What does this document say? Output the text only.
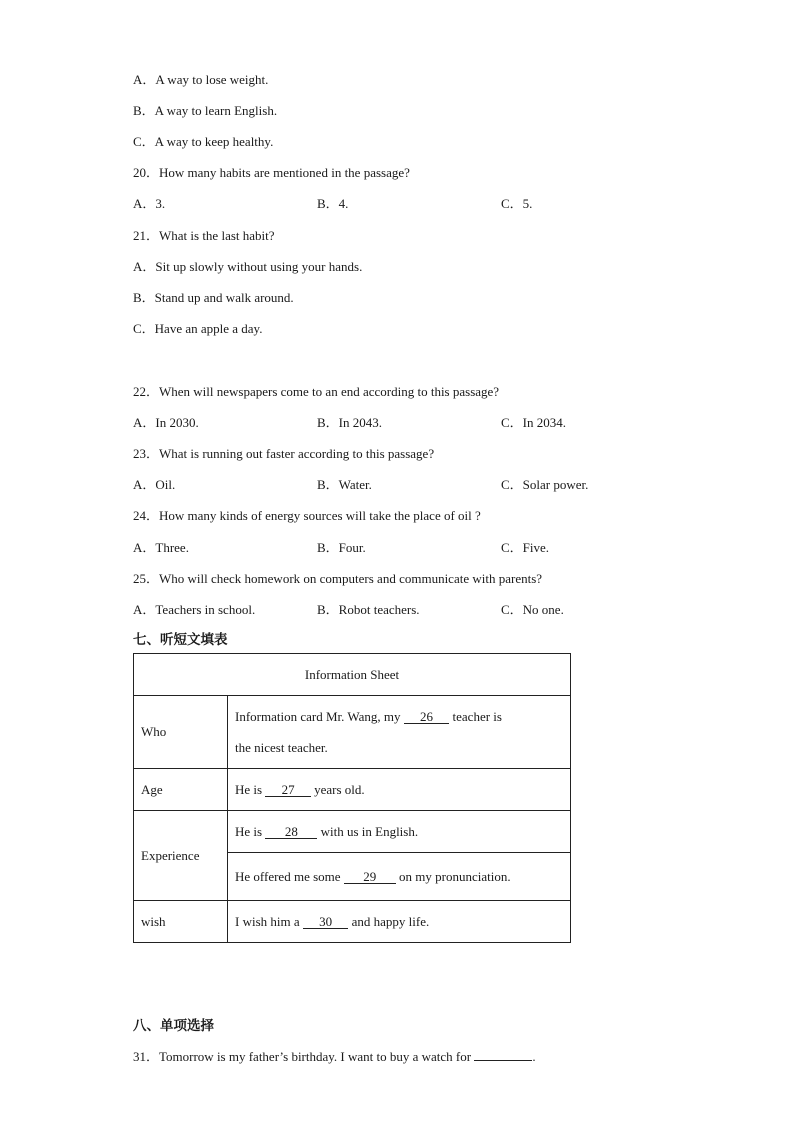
A．A way to lose weight.
B．A way to learn English.
C．A way to keep healthy.
20．How many habits are mentioned in the passage?
A．3.	B．4.	C．5.
21．What is the last habit?
A．Sit up slowly without using your hands.
B．Stand up and walk around.
C．Have an apple a day.
22．When will newspapers come to an end according to this passage?
A．In 2030.	B．In 2043.	C．In 2034.
23．What is running out faster according to this passage?
A．Oil.	B．Water.	C．Solar power.
24．How many kinds of energy sources will take the place of oil ?
A．Three.	B．Four.	C．Five.
25．Who will check homework on computers and communicate with parents?
A．Teachers in school.	B．Robot teachers.	C．No one.
七、听短文填表
Information Sheet	
Who	Information card Mr. Wang, my      26      teacher is
the nicest teacher.
Age	He is      27      years old.
Experience	He is       28       with us in English.
	He offered me some       29       on my pronunciation.
wish	I wish him a      30      and happy life.
八、单项选择
31．Tomorrow is my father’s birthday. I want to buy a watch for	.
